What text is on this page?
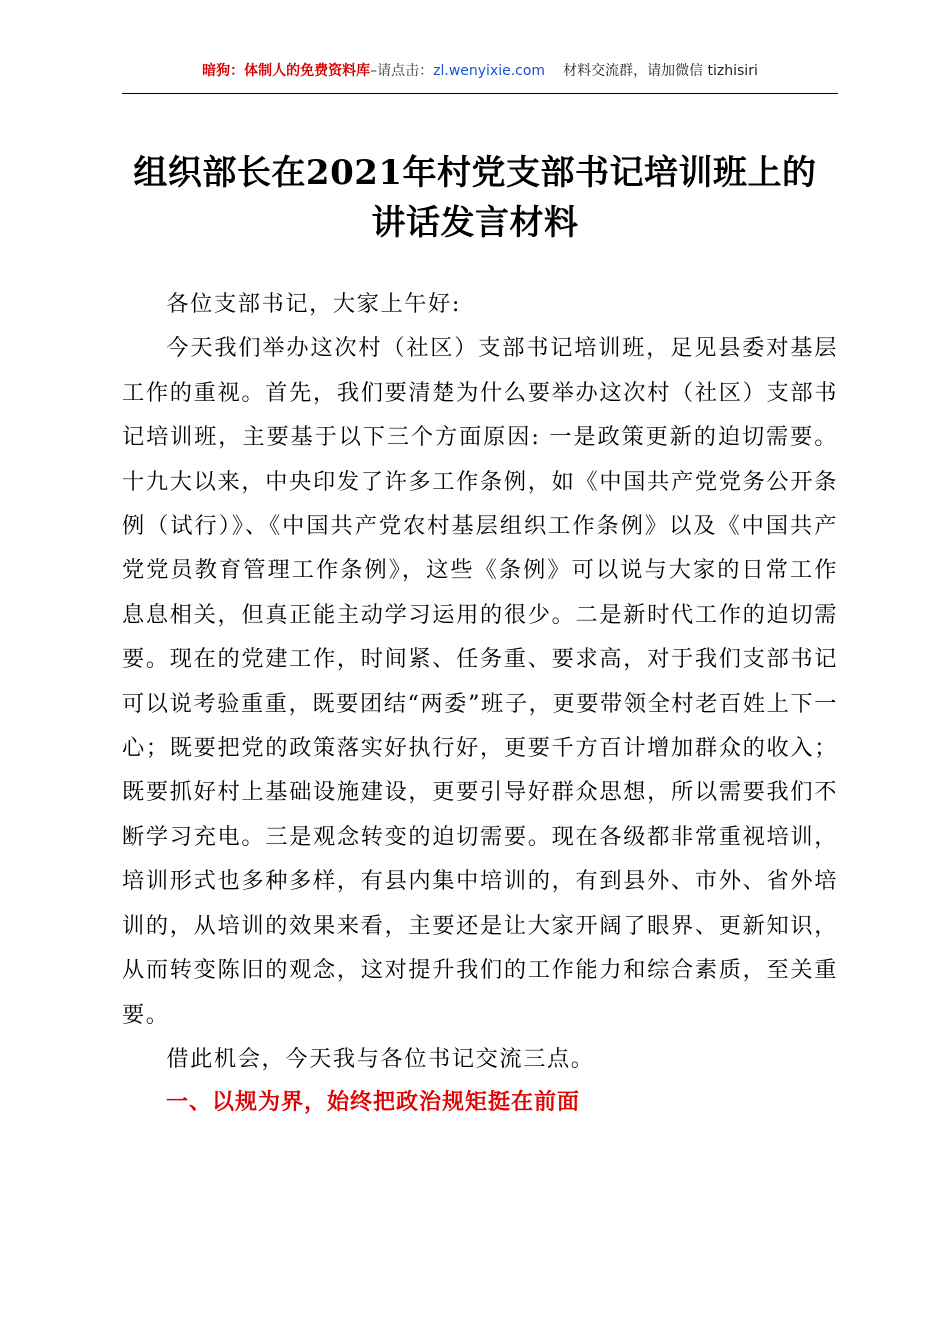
暗狗：体制人的免费资料库–请点击：zl.wenyixie.com 材料交流群，请加微信 tizhisiri
组织部长在2021年村党支部书记培训班上的
讲话发言材料

各位支部书记，大家上午好:

今天我们举办这次村（社区）支部书记培训班，足见县委对基层工作的重视。首先，我们要清楚为什么要举办这次村（社区）支部书记培训班，主要基于以下三个方面原因: 一是政策更新的迫切需要。十九大以来，中央印发了许多工作条例，如《中国共产党党务公开条例（试行）》、《中国共产党农村基层组织工作条例》以及《中国共产党党员教育管理工作条例》，这些《条例》可以说与大家的日常工作息息相关，但真正能主动学习运用的很少。二是新时代工作的迫切需要。现在的党建工作，时间紧、任务重、要求高，对于我们支部书记可以说考验重重，既要团结“两委”班子，更要带领全村老百姓上下一心；既要把党的政策落实好执行好，更要千方百计增加群众的收入；既要抓好村上基础设施建设，更要引导好群众思想，所以需要我们不断学习充电。三是观念转变的迫切需要。现在各级都非常重视培训，培训形式也多种多样，有县内集中培训的，有到县外、市外、省外培训的，从培训的效果来看，主要还是让大家开阔了眼界、更新知识，从而转变陈旧的观念，这对提升我们的工作能力和综合素质，至关重要。

借此机会，今天我与各位书记交流三点。

一、以规为界，始终把政治规矩挺在前面
